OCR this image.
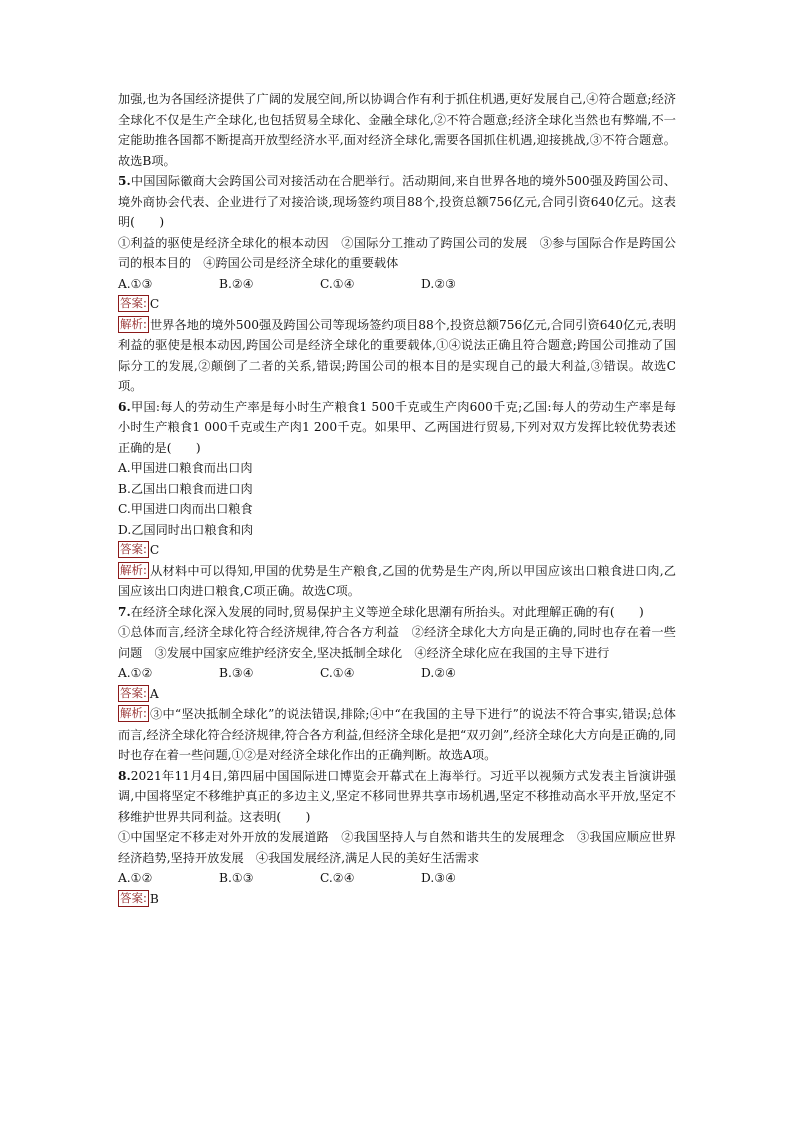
加强,也为各国经济提供了广阔的发展空间,所以协调合作有利于抓住机遇,更好发展自己,④符合题意;经济全球化不仅是生产全球化,也包括贸易全球化、金融全球化,②不符合题意;经济全球化当然也有弊端,不一定能助推各国都不断提高开放型经济水平,面对经济全球化,需要各国抓住机遇,迎接挑战,③不符合题意。故选B项。

5.中国国际徽商大会跨国公司对接活动在合肥举行。活动期间,来自世界各地的境外500强及跨国公司、境外商协会代表、企业进行了对接洽谈,现场签约项目88个,投资总额756亿元,合同引资640亿元。这表明(　　)

①利益的驱使是经济全球化的根本动因　②国际分工推动了跨国公司的发展　③参与国际合作是跨国公司的根本目的　④跨国公司是经济全球化的重要载体

A.①③	B.②④	C.①④	D.②③

答案: C

解析: 世界各地的境外500强及跨国公司等现场签约项目88个,投资总额756亿元,合同引资640亿元,表明利益的驱使是根本动因,跨国公司是经济全球化的重要载体,①④说法正确且符合题意;跨国公司推动了国际分工的发展,②颠倒了二者的关系,错误;跨国公司的根本目的是实现自己的最大利益,③错误。故选C项。

6.甲国:每人的劳动生产率是每小时生产粮食1 500千克或生产肉600千克;乙国:每人的劳动生产率是每小时生产粮食1 000千克或生产肉1 200千克。如果甲、乙两国进行贸易,下列对双方发挥比较优势表述正确的是(　　)

A.甲国进口粮食而出口肉

B.乙国出口粮食而进口肉

C.甲国进口肉而出口粮食

D.乙国同时出口粮食和肉

答案: C

解析: 从材料中可以得知,甲国的优势是生产粮食,乙国的优势是生产肉,所以甲国应该出口粮食进口肉,乙国应该出口肉进口粮食,C项正确。故选C项。

7.在经济全球化深入发展的同时,贸易保护主义等逆全球化思潮有所抬头。对此理解正确的有(　　)

①总体而言,经济全球化符合经济规律,符合各方利益　②经济全球化大方向是正确的,同时也存在着一些问题　③发展中国家应维护经济安全,坚决抵制全球化　④经济全球化应在我国的主导下进行

A.①②	B.③④	C.①④	D.②④

答案: A

解析: ③中“坚决抵制全球化”的说法错误,排除;④中“在我国的主导下进行”的说法不符合事实,错误;总体而言,经济全球化符合经济规律,符合各方利益,但经济全球化是把“双刃剑”,经济全球化大方向是正确的,同时也存在着一些问题,①②是对经济全球化作出的正确判断。故选A项。

8.2021年11月4日,第四届中国国际进口博览会开幕式在上海举行。习近平以视频方式发表主旨演讲强调,中国将坚定不移维护真正的多边主义,坚定不移同世界共享市场机遇,坚定不移推动高水平开放,坚定不移维护世界共同利益。这表明(　　)

①中国坚定不移走对外开放的发展道路　②我国坚持人与自然和谐共生的发展理念　③我国应顺应世界经济趋势,坚持开放发展　④我国发展经济,满足人民的美好生活需求

A.①②	B.①③	C.②④	D.③④

答案: B
